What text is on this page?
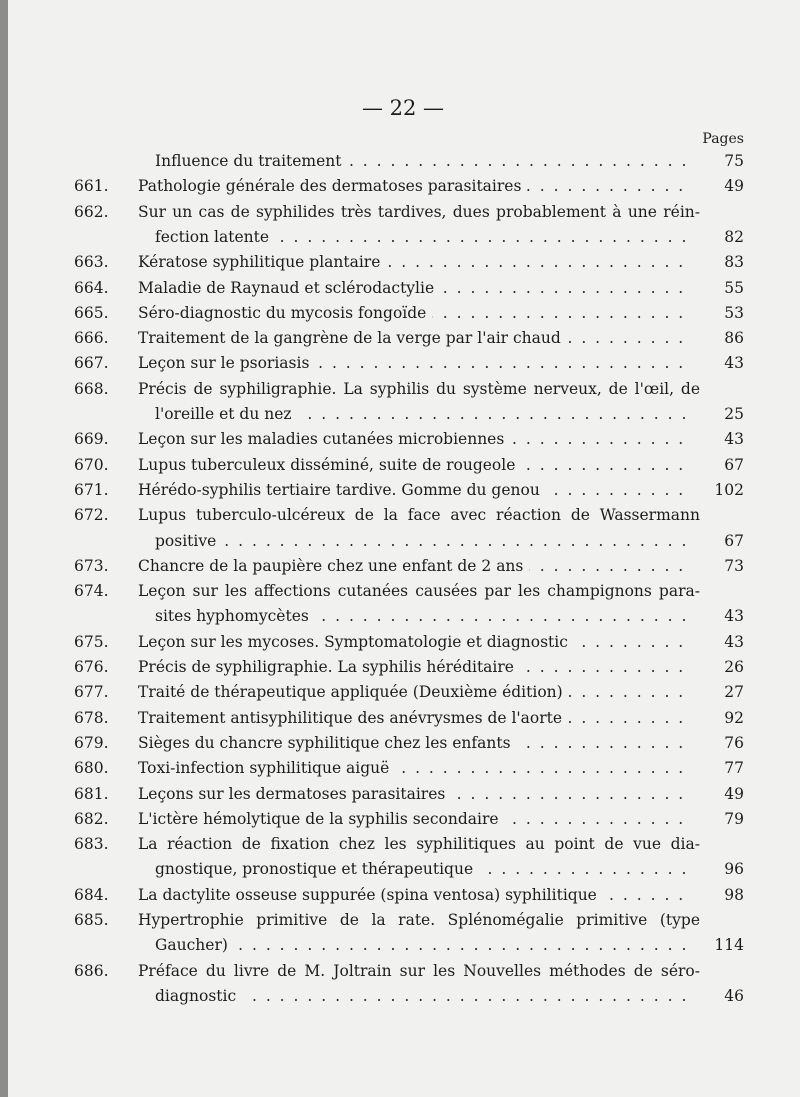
— 22 —
Pages
Influence du traitement . . .	75
661.	Pathologie générale des dermatoses parasitaires . . .	49
662.	Sur un cas de syphilides très tardives, dues probablement à une réin-
fection latente . . .	82
663.	Kératose syphilitique plantaire . . .	83
664.	Maladie de Raynaud et sclérodactylie . . .	55
665.	Séro-diagnostic du mycosis fongoïde . . .	53
666.	Traitement de la gangrène de la verge par l'air chaud . . .	86
667.	Leçon sur le psoriasis . . .	43
668.	Précis de syphiligraphie. La syphilis du système nerveux, de l'œil, de
l'oreille et du nez . . .	25
669.	Leçon sur les maladies cutanées microbiennes . . .	43
670.	Lupus tuberculeux disséminé, suite de rougeole . . .	67
671.	Hérédo-syphilis tertiaire tardive. Gomme du genou . . .	102
672.	Lupus tuberculo-ulcéreux de la face avec réaction de Wassermann
positive . . .	67
673.	Chancre de la paupière chez une enfant de 2 ans . . .	73
674.	Leçon sur les affections cutanées causées par les champignons para-
sites hyphomycètes . . .	43
675.	Leçon sur les mycoses. Symptomatologie et diagnostic . . .	43
676.	Précis de syphiligraphie. La syphilis héréditaire . . .	26
677.	Traité de thérapeutique appliquée (Deuxième édition) . . .	27
678.	Traitement antisyphilitique des anévrysmes de l'aorte . . .	92
679.	Sièges du chancre syphilitique chez les enfants . . .	76
680.	Toxi-infection syphilitique aiguë . . .	77
681.	Leçons sur les dermatoses parasitaires . . .	49
682.	L'ictère hémolytique de la syphilis secondaire . . .	79
683.	La réaction de fixation chez les syphilitiques au point de vue dia-
gnostique, pronostique et thérapeutique . . .	96
684.	La dactylite osseuse suppurée (spina ventosa) syphilitique . . .	98
685.	Hypertrophie primitive de la rate. Splénomégalie primitive (type
Gaucher) . . .	114
686.	Préface du livre de M. Joltrain sur les Nouvelles méthodes de séro-
diagnostic . . .	46
